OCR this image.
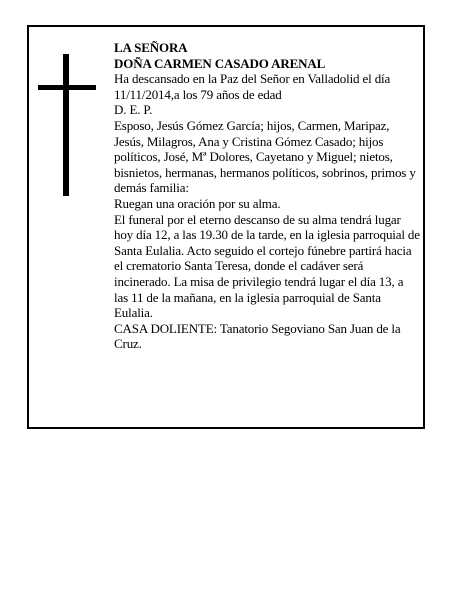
LA SEÑORA

DOÑA CARMEN CASADO ARENAL

Ha descansado en la Paz del Señor en Valladolid el día 11/11/2014,a los 79 años de edad

D. E. P.

Esposo, Jesús Gómez García; hijos, Carmen, Maripaz, Jesús, Milagros, Ana y Cristina Gómez Casado; hijos políticos, José, Mª Dolores, Cayetano y Miguel; nietos, bisnietos, hermanas, hermanos políticos, sobrinos, primos y demás familia:

Ruegan una oración por su alma.

El funeral por el eterno descanso de su alma tendrá lugar hoy día 12, a las 19.30 de la tarde, en la iglesia parroquial de Santa Eulalia. Acto seguido el cortejo fúnebre partirá hacia el crematorio Santa Teresa, donde el cadáver será incinerado. La misa de privilegio tendrá lugar el día 13, a las 11 de la mañana, en la iglesia parroquial de Santa Eulalia.

CASA DOLIENTE: Tanatorio Segoviano San Juan de la Cruz.
